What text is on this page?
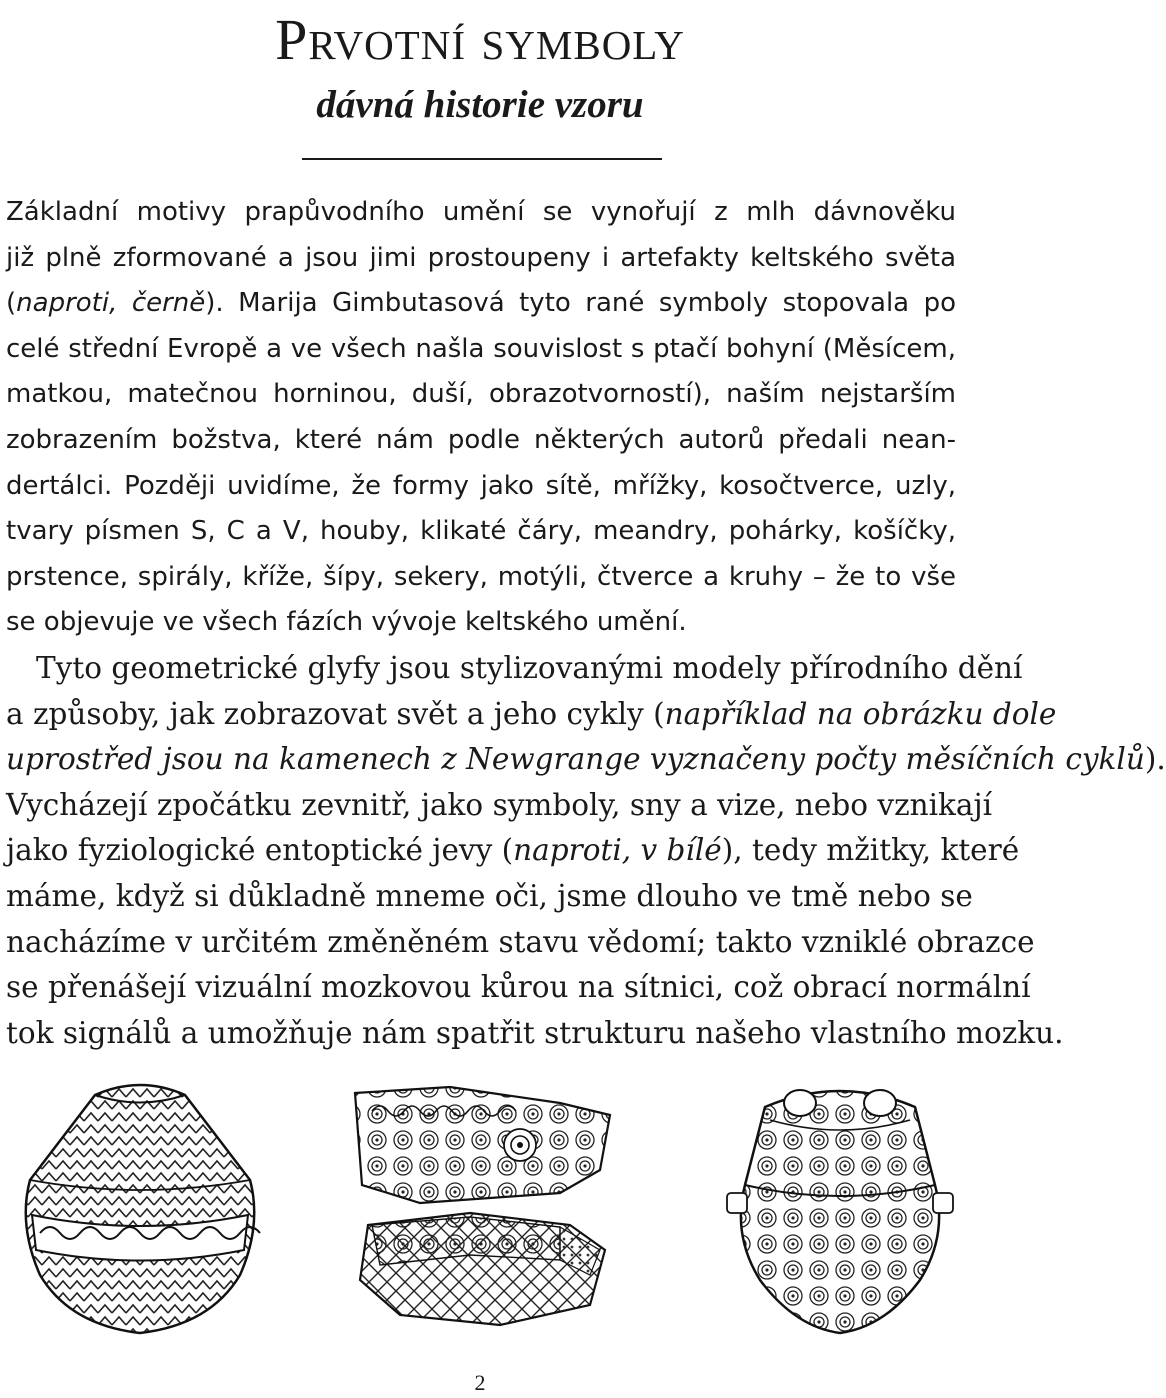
Prvotní symboly
dávná historie vzoru
Základní motivy prapůvodního umění se vynořují z mlh dávnověku
již plně zformované a jsou jimi prostoupeny i artefakty keltského světa
(naproti, černě). Marija Gimbutasová tyto rané symboly stopovala po
celé střední Evropě a ve všech našla souvislost s ptačí bohyní (Měsícem,
matkou, matečnou horninou, duší, obrazotvorností), naším nejstarším
zobrazením božstva, které nám podle některých autorů předali nean-
dertálci. Později uvidíme, že formy jako sítě, mřížky, kosočtverce, uzly,
tvary písmen S, C a V, houby, klikaté čáry, meandry, pohárky, košíčky,
prstence, spirály, kříže, šípy, sekery, motýli, čtverce a kruhy – že to vše
se objevuje ve všech fázích vývoje keltského umění.
Tyto geometrické glyfy jsou stylizovanými modely přírodního dění
a způsoby, jak zobrazovat svět a jeho cykly (například na obrázku dole
uprostřed jsou na kamenech z Newgrange vyznačeny počty měsíčních cyklů).
Vycházejí zpočátku zevnitř, jako symboly, sny a vize, nebo vznikají
jako fyziologické entoptické jevy (naproti, v bílé), tedy mžitky, které
máme, když si důkladně mneme oči, jsme dlouho ve tmě nebo se
nacházíme v určitém změněném stavu vědomí; takto vzniklé obrazce
se přenášejí vizuální mozkovou kůrou na sítnici, což obrací normální
tok signálů a umožňuje nám spatřit strukturu našeho vlastního mozku.
2
